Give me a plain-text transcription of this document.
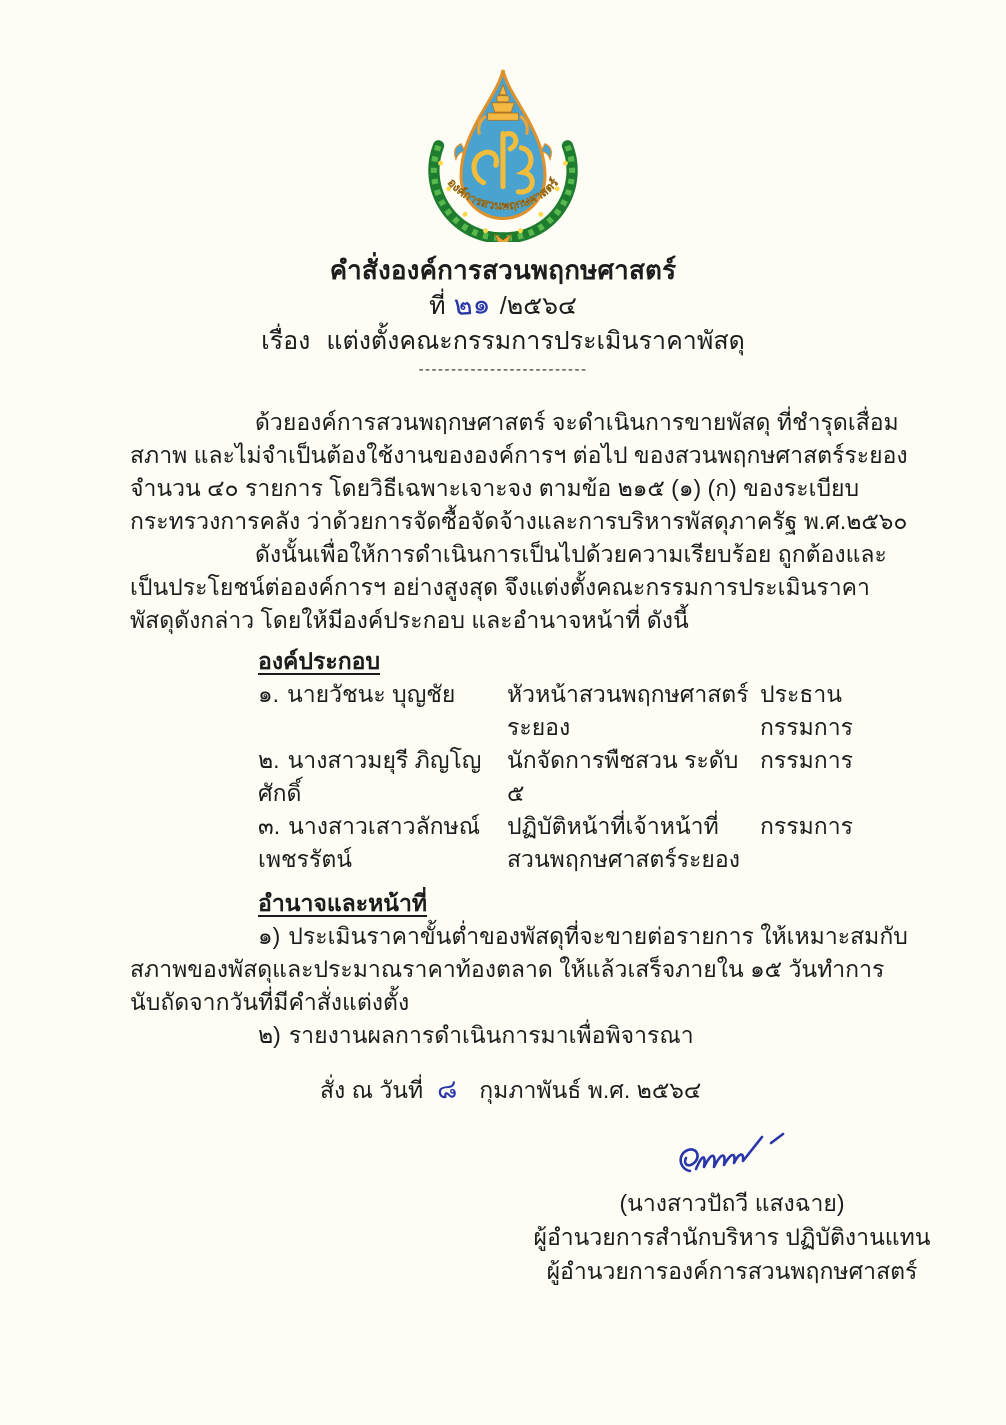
องค์การสวนพฤกษศาสตร์
คำสั่งองค์การสวนพฤกษศาสตร์
ที่ ๒๑ /๒๕๖๔
เรื่อง แต่งตั้งคณะกรรมการประเมินราคาพัสดุ
--------------------------

ด้วยองค์การสวนพฤกษศาสตร์ จะดำเนินการขายพัสดุ ที่ชำรุดเสื่อมสภาพ และไม่จำเป็นต้องใช้งานขององค์การฯ ต่อไป ของสวนพฤกษศาสตร์ระยอง จำนวน ๔๐ รายการ โดยวิธีเฉพาะเจาะจง ตามข้อ ๒๑๕ (๑) (ก) ของระเบียบกระทรวงการคลัง ว่าด้วยการจัดซื้อจัดจ้างและการบริหารพัสดุภาครัฐ พ.ศ.๒๕๖๐

ดังนั้นเพื่อให้การดำเนินการเป็นไปด้วยความเรียบร้อย ถูกต้องและเป็นประโยชน์ต่อองค์การฯ อย่างสูงสุด จึงแต่งตั้งคณะกรรมการประเมินราคาพัสดุดังกล่าว โดยให้มีองค์ประกอบ และอำนาจหน้าที่ ดังนี้

องค์ประกอบ
๑. นายวัชนะ บุญชัย	หัวหน้าสวนพฤกษศาสตร์ระยอง
ประธานกรรมการ
๒. นางสาวมยุรี ภิญโญศักดิ์
นักจัดการพืชสวน ระดับ ๕
กรรมการ
๓. นางสาวเสาวลักษณ์ เพชรรัตน์
ปฏิบัติหน้าที่เจ้าหน้าที่
สวนพฤกษศาสตร์ระยอง
กรรมการ
อำนาจและหน้าที่

๑) ประเมินราคาขั้นต่ำของพัสดุที่จะขายต่อรายการ ให้เหมาะสมกับสภาพของพัสดุและประมาณราคาท้องตลาด ให้แล้วเสร็จภายใน ๑๕ วันทำการ นับถัดจากวันที่มีคำสั่งแต่งตั้ง

๒) รายงานผลการดำเนินการมาเพื่อพิจารณา

สั่ง ณ วันที่ ๘ กุมภาพันธ์ พ.ศ. ๒๕๖๔
(นางสาวปัถวี แสงฉาย)
ผู้อำนวยการสำนักบริหาร ปฏิบัติงานแทน
ผู้อำนวยการองค์การสวนพฤกษศาสตร์
